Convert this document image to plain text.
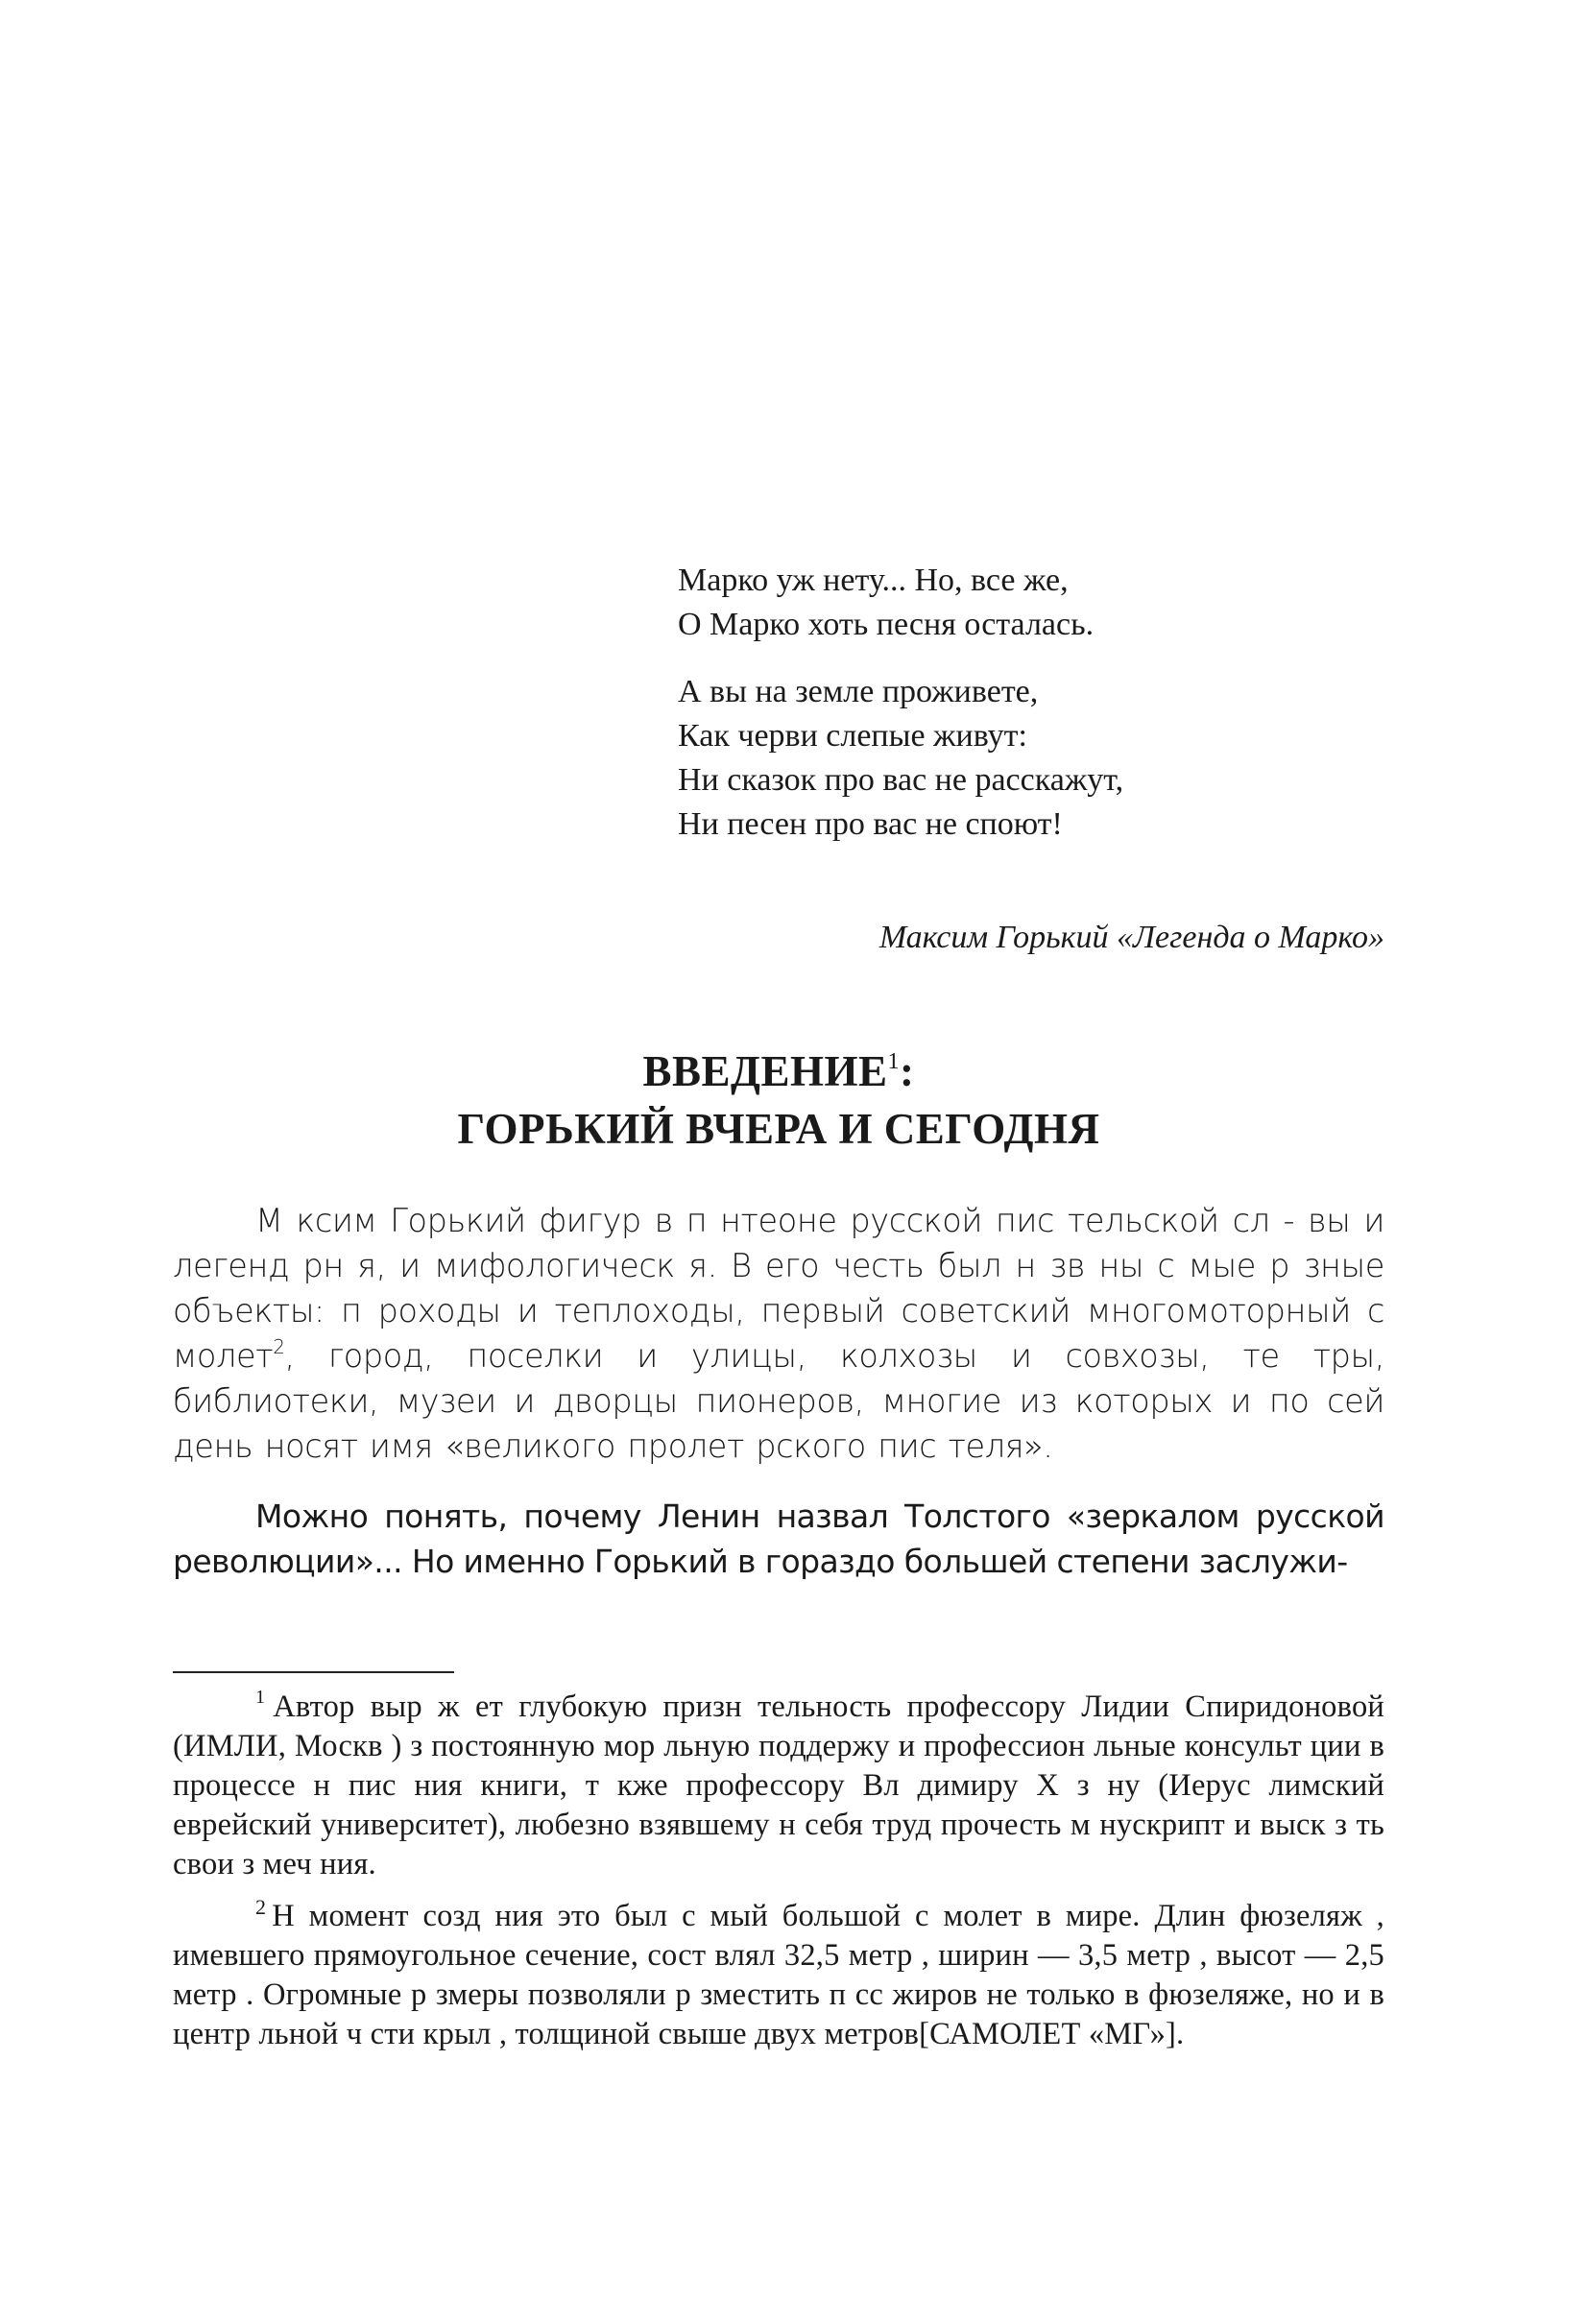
Марко уж нету... Но, все же,
О Марко хоть песня осталась.
А вы на земле проживете,
Как черви слепые живут:
Ни сказок про вас не расскажут,
Ни песен про вас не споют!
Максим Горький «Легенда о Марко»
ВВЕДЕНИЕ$^1$:
ГОРЬКИЙ ВЧЕРА И СЕГОДНЯ

М ксим Горький фигур в п нтеоне русской пис тельской сл - вы и легенд рн я, и мифологическ я. В его честь был н зв ны с мые р зные объекты: п роходы и теплоходы, первый советский многомоторный с молет$^2$, город, поселки и улицы, колхозы и совхозы, те тры, библиотеки, музеи и дворцы пионеров, многие из которых и по сей день носят имя «великого пролет рского пис теля».

Можно понять, почему Ленин назвал Толстого «зеркалом русской революции»... Но именно Горький в гораздо большей степени заслужи-

$^1$ Автор выр ж ет глубокую призн тельность профессору Лидии Спиридоновой (ИМЛИ, Москв ) з постоянную мор льную поддержу и профессион льные консульт ции в процессе н пис ния книги, т кже профессору Вл димиру Х з ну (Иерус лимский еврейский университет), любезно взявшему н себя труд прочесть м нускрипт и выск з ть свои з меч ния.

$^2$ Н момент созд ния это был с мый большой с молет в мире. Длин фюзеляж , имевшего прямоугольное сечение, сост влял 32,5 метр , ширин — 3,5 метр , высот — 2,5 метр . Огромные р змеры позволяли р зместить п сс жиров не только в фюзеляже, но и в центр льной ч сти крыл , толщиной свыше двух метров[САМОЛЕТ «МГ»].
